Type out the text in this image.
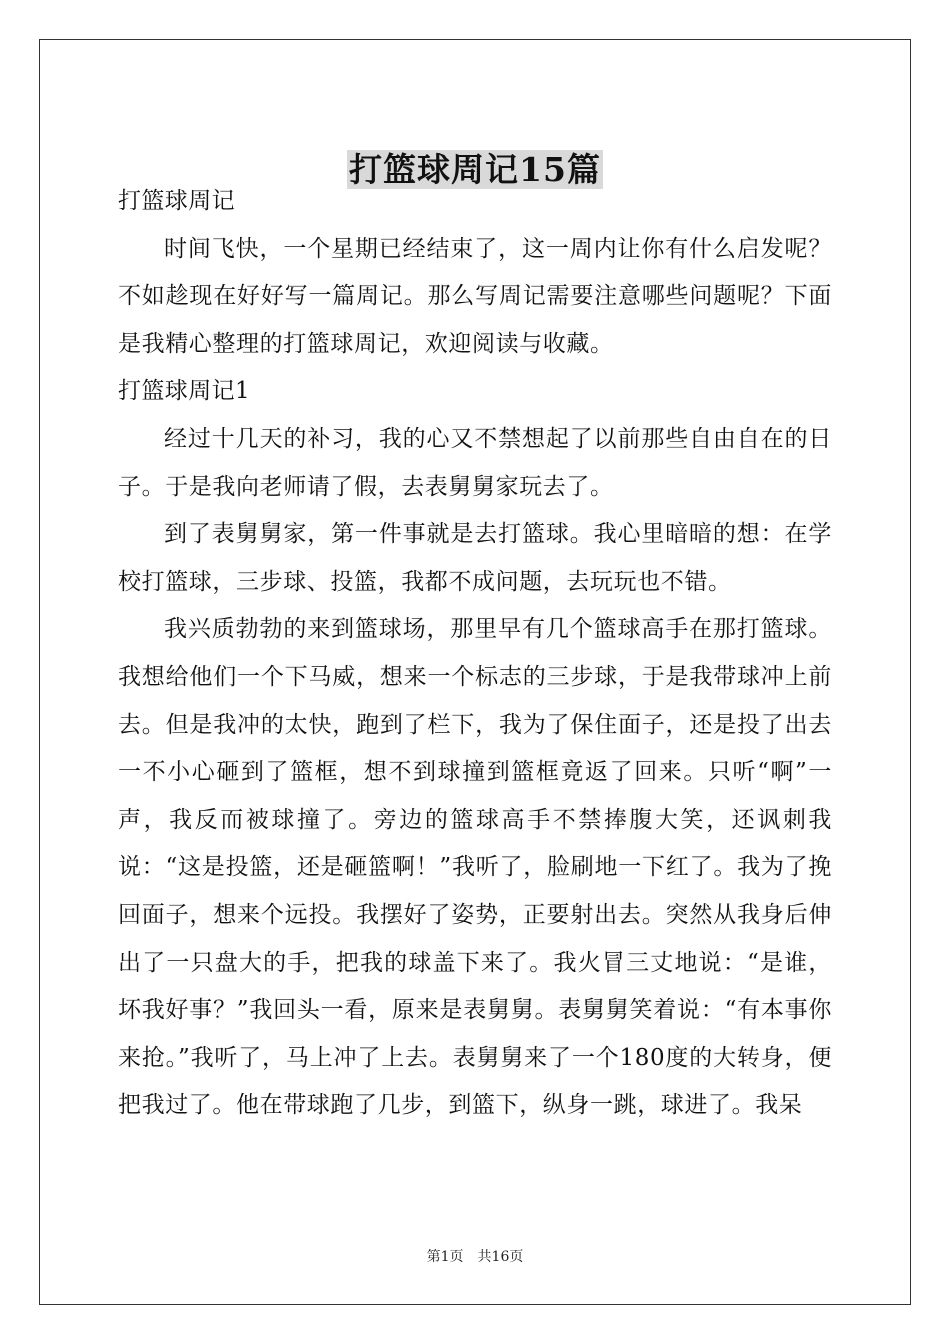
打篮球周记15篇

打篮球周记

时间飞快，一个星期已经结束了，这一周内让你有什么启发呢？不如趁现在好好写一篇周记。那么写周记需要注意哪些问题呢？下面是我精心整理的打篮球周记，欢迎阅读与收藏。

打篮球周记1

经过十几天的补习，我的心又不禁想起了以前那些自由自在的日子。于是我向老师请了假，去表舅舅家玩去了。

到了表舅舅家，第一件事就是去打篮球。我心里暗暗的想：在学校打篮球，三步球、投篮，我都不成问题，去玩玩也不错。

我兴质勃勃的来到篮球场，那里早有几个篮球高手在那打篮球。我想给他们一个下马威，想来一个标志的三步球，于是我带球冲上前去。但是我冲的太快，跑到了栏下，我为了保住面子，还是投了出去一不小心砸到了篮框，想不到球撞到篮框竟返了回来。只听“啊”一声，我反而被球撞了。旁边的篮球高手不禁捧腹大笑，还讽刺我说：“这是投篮，还是砸篮啊！”我听了，脸刷地一下红了。我为了挽回面子，想来个远投。我摆好了姿势，正要射出去。突然从我身后伸出了一只盘大的手，把我的球盖下来了。我火冒三丈地说：“是谁，坏我好事？”我回头一看，原来是表舅舅。表舅舅笑着说：“有本事你来抢。”我听了，马上冲了上去。表舅舅来了一个180度的大转身，便把我过了。他在带球跑了几步，到篮下，纵身一跳，球进了。我呆

第1页 共16页
